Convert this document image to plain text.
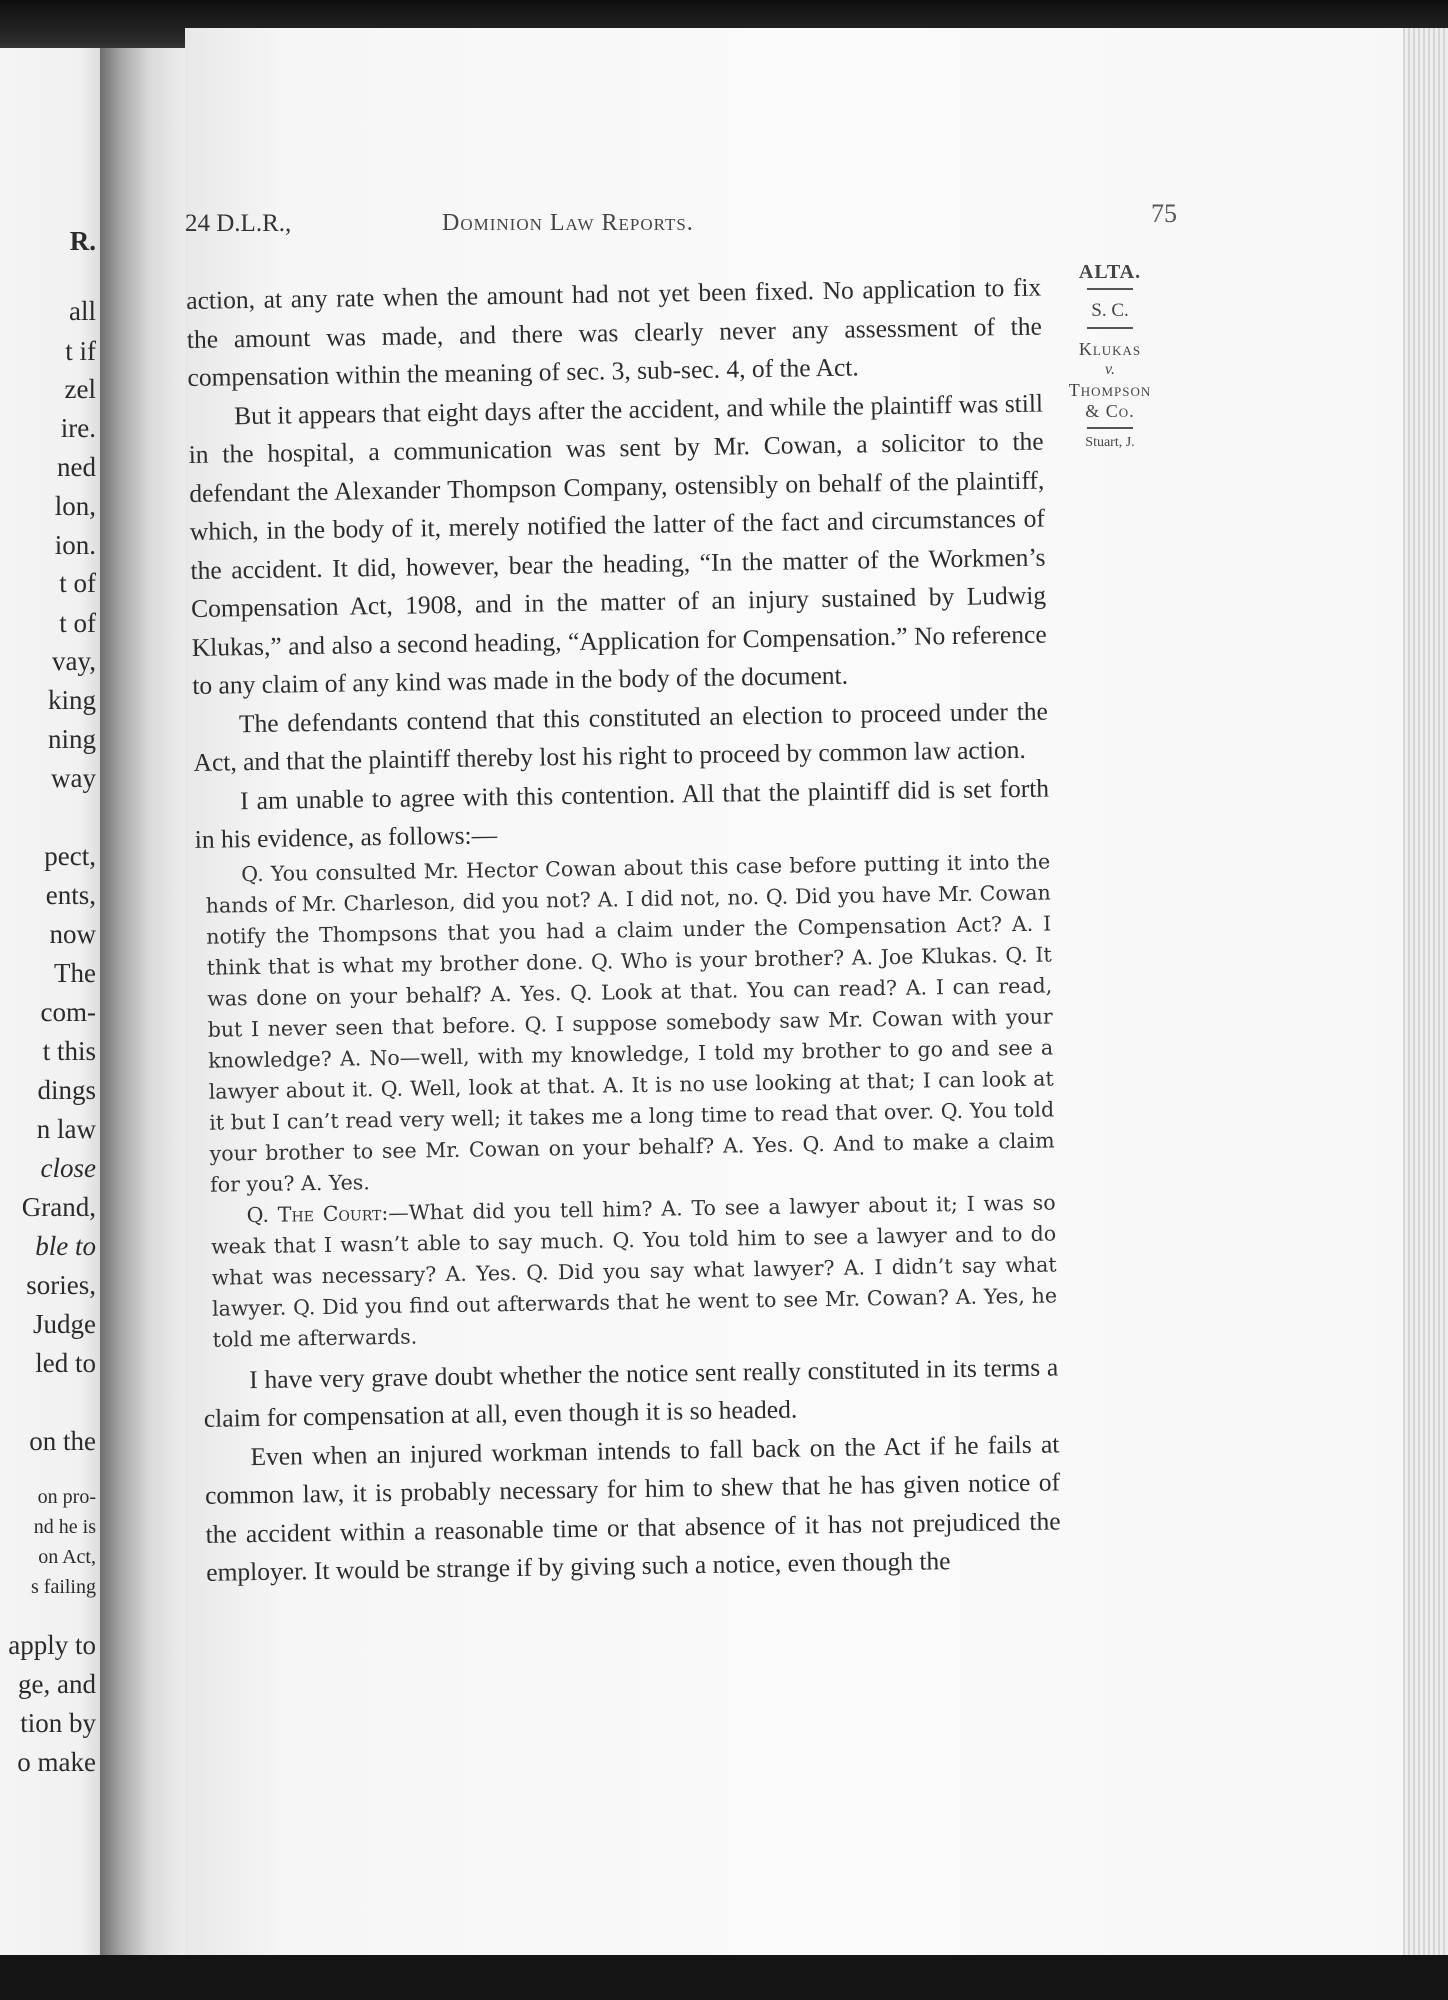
R.
all
t if
zel
ire.
ned
lon,
ion.
t of
t of
vay,
king
ning
way
pect,
ents,
now
The
com-
t this
dings
n law
close
Grand,
ble to
sories,
Judge
led to
on the
on pro-
nd he is
on Act,
s failing
apply to
ge, and
tion by
o make
24 D.L.R.,	Dominion Law Reports.	75
ALTA.
S. C.
Klukas
v.
Thompson
& Co.
Stuart, J.

action, at any rate when the amount had not yet been fixed. No application to fix the amount was made, and there was clearly never any assessment of the compensation within the meaning of sec. 3, sub-sec. 4, of the Act.

But it appears that eight days after the accident, and while the plaintiff was still in the hospital, a communication was sent by Mr. Cowan, a solicitor to the defendant the Alexander Thompson Company, ostensibly on behalf of the plaintiff, which, in the body of it, merely notified the latter of the fact and circumstances of the accident. It did, however, bear the heading, “In the matter of the Workmen’s Compensation Act, 1908, and in the matter of an injury sustained by Ludwig Klukas,” and also a second heading, “Application for Compensation.” No reference to any claim of any kind was made in the body of the document.

The defendants contend that this constituted an election to proceed under the Act, and that the plaintiff thereby lost his right to proceed by common law action.

I am unable to agree with this contention. All that the plaintiff did is set forth in his evidence, as follows:—

Q. You consulted Mr. Hector Cowan about this case before putting it into the hands of Mr. Charleson, did you not? A. I did not, no. Q. Did you have Mr. Cowan notify the Thompsons that you had a claim under the Compensation Act? A. I think that is what my brother done. Q. Who is your brother? A. Joe Klukas. Q. It was done on your behalf? A. Yes. Q. Look at that. You can read? A. I can read, but I never seen that before. Q. I suppose somebody saw Mr. Cowan with your knowledge? A. No—well, with my knowledge, I told my brother to go and see a lawyer about it. Q. Well, look at that. A. It is no use looking at that; I can look at it but I can’t read very well; it takes me a long time to read that over. Q. You told your brother to see Mr. Cowan on your behalf? A. Yes. Q. And to make a claim for you? A. Yes.

Q. The Court:—What did you tell him? A. To see a lawyer about it; I was so weak that I wasn’t able to say much. Q. You told him to see a lawyer and to do what was necessary? A. Yes. Q. Did you say what lawyer? A. I didn’t say what lawyer. Q. Did you find out afterwards that he went to see Mr. Cowan? A. Yes, he told me afterwards.

I have very grave doubt whether the notice sent really constituted in its terms a claim for compensation at all, even though it is so headed.

Even when an injured workman intends to fall back on the Act if he fails at common law, it is probably necessary for him to shew that he has given notice of the accident within a reasonable time or that absence of it has not prejudiced the employer. It would be strange if by giving such a notice, even though the
